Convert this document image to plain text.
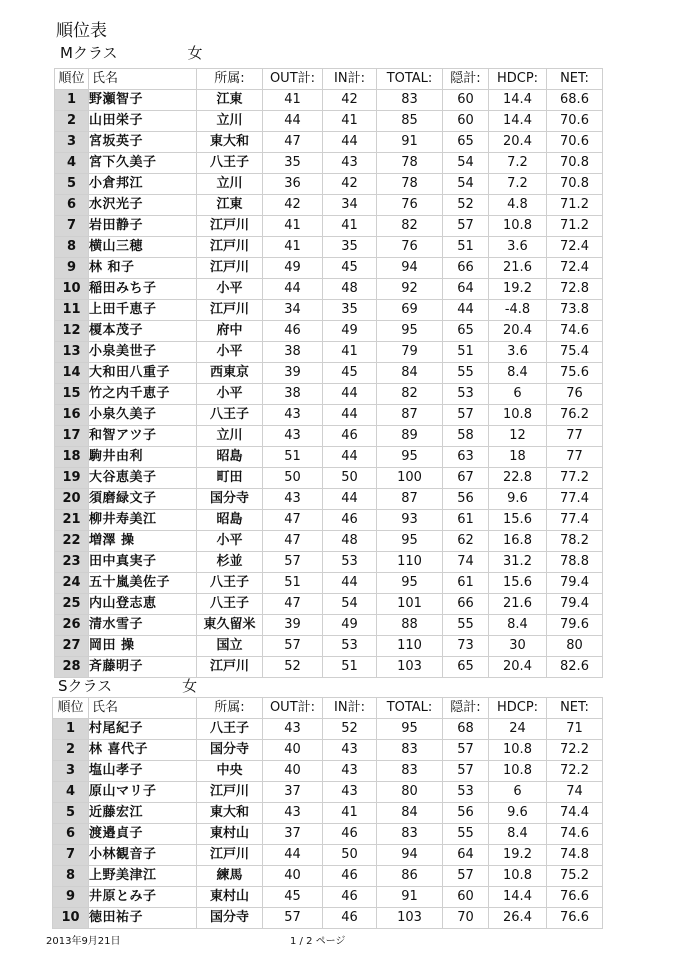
順位表
Mクラス	女
順位	氏名	所属:	OUT計:	IN計:	TOTAL:	隠計:	HDCP:	NET:
1	野瀬智子	江東	41	42	83	60	14.4	68.6
2	山田栄子	立川	44	41	85	60	14.4	70.6
3	宮坂英子	東大和	47	44	91	65	20.4	70.6
4	宮下久美子	八王子	35	43	78	54	7.2	70.8
5	小倉邦江	立川	36	42	78	54	7.2	70.8
6	水沢光子	江東	42	34	76	52	4.8	71.2
7	岩田静子	江戸川	41	41	82	57	10.8	71.2
8	横山三穂	江戸川	41	35	76	51	3.6	72.4
9	林 和子	江戸川	49	45	94	66	21.6	72.4
10	稲田みち子	小平	44	48	92	64	19.2	72.8
11	上田千恵子	江戸川	34	35	69	44	-4.8	73.8
12	榎本茂子	府中	46	49	95	65	20.4	74.6
13	小泉美世子	小平	38	41	79	51	3.6	75.4
14	大和田八重子	西東京	39	45	84	55	8.4	75.6
15	竹之内千恵子	小平	38	44	82	53	6	76
16	小泉久美子	八王子	43	44	87	57	10.8	76.2
17	和智アツ子	立川	43	46	89	58	12	77
18	駒井由利	昭島	51	44	95	63	18	77
19	大谷恵美子	町田	50	50	100	67	22.8	77.2
20	須磨緑文子	国分寺	43	44	87	56	9.6	77.4
21	柳井寿美江	昭島	47	46	93	61	15.6	77.4
22	増澤 操	小平	47	48	95	62	16.8	78.2
23	田中真実子	杉並	57	53	110	74	31.2	78.8
24	五十嵐美佐子	八王子	51	44	95	61	15.6	79.4
25	内山登志恵	八王子	47	54	101	66	21.6	79.4
26	清水雪子	東久留米	39	49	88	55	8.4	79.6
27	岡田 操	国立	57	53	110	73	30	80
28	斉藤明子	江戸川	52	51	103	65	20.4	82.6
Sクラス	女
順位	氏名	所属:	OUT計:	IN計:	TOTAL:	隠計:	HDCP:	NET:
1	村尾紀子	八王子	43	52	95	68	24	71
2	林 喜代子	国分寺	40	43	83	57	10.8	72.2
3	塩山孝子	中央	40	43	83	57	10.8	72.2
4	原山マリ子	江戸川	37	43	80	53	6	74
5	近藤宏江	東大和	43	41	84	56	9.6	74.4
6	渡邉貞子	東村山	37	46	83	55	8.4	74.6
7	小林観音子	江戸川	44	50	94	64	19.2	74.8
8	上野美津江	練馬	40	46	86	57	10.8	75.2
9	井原とみ子	東村山	45	46	91	60	14.4	76.6
10	徳田祐子	国分寺	57	46	103	70	26.4	76.6
2013年9月21日	1 / 2 ページ
